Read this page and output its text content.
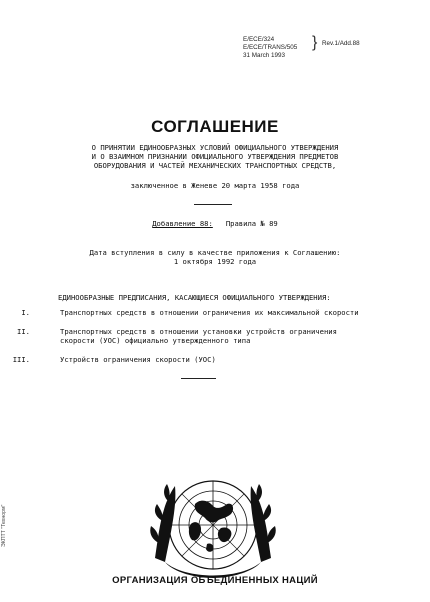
E/ECE/324
E/ECE/TRANS/505
31 March 1993
} Rev.1/Add.88
СОГЛАШЕНИЕ
О ПРИНЯТИИ ЕДИНООБРАЗНЫХ УСЛОВИЙ ОФИЦИАЛЬНОГО УТВЕРЖДЕНИЯ
И О ВЗАИМНОМ ПРИЗНАНИИ ОФИЦИАЛЬНОГО УТВЕРЖДЕНИЯ ПРЕДМЕТОВ
ОБОРУДОВАНИЯ И ЧАСТЕЙ МЕХАНИЧЕСКИХ ТРАНСПОРТНЫХ СРЕДСТВ,
заключенное в Женеве 20 марта 1958 года
Добавление 88: Правила № 89
Дата вступления в силу в качестве приложения к Соглашению:
1 октября 1992 года
ЕДИНООБРАЗНЫЕ ПРЕДПИСАНИЯ, КАСАЮЩИЕСЯ ОФИЦИАЛЬНОГО УТВЕРЖДЕНИЯ:
I.	Транспортных средств в отношении ограничения их максимальной скорости
II.	Транспортных средств в отношении установки устройств ограничения
скорости (УОС) официально утвержденного типа
III.	Устройств ограничения скорости (УОС)
ОРГАНИЗАЦИЯ ОБЪЕДИНЕННЫХ НАЦИЙ
ЭКПТТ "Технорм"
